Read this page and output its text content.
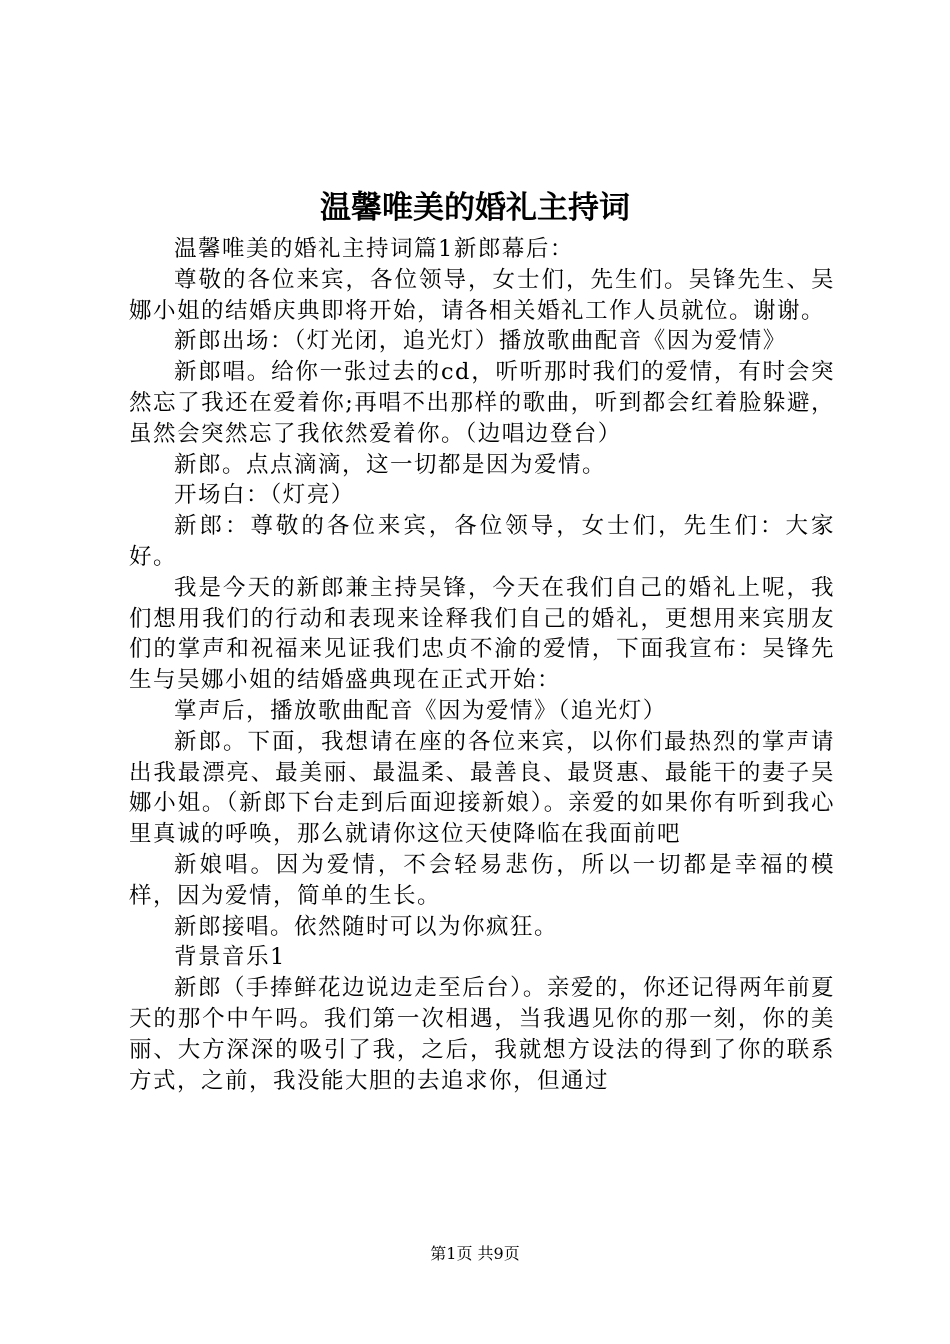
温馨唯美的婚礼主持词

温馨唯美的婚礼主持词篇1新郎幕后：

尊敬的各位来宾，各位领导，女士们，先生们。吴锋先生、吴娜小姐的结婚庆典即将开始，请各相关婚礼工作人员就位。谢谢。

新郎出场：（灯光闭，追光灯）播放歌曲配音《因为爱情》

新郎唱。给你一张过去的cd，听听那时我们的爱情，有时会突然忘了我还在爱着你;再唱不出那样的歌曲，听到都会红着脸躲避，虽然会突然忘了我依然爱着你。（边唱边登台）

新郎。点点滴滴，这一切都是因为爱情。

开场白：（灯亮）

新郎：尊敬的各位来宾，各位领导，女士们，先生们：大家好。

我是今天的新郎兼主持吴锋，今天在我们自己的婚礼上呢，我们想用我们的行动和表现来诠释我们自己的婚礼，更想用来宾朋友们的掌声和祝福来见证我们忠贞不渝的爱情，下面我宣布：吴锋先生与吴娜小姐的结婚盛典现在正式开始：

掌声后，播放歌曲配音《因为爱情》（追光灯）

新郎。下面，我想请在座的各位来宾，以你们最热烈的掌声请出我最漂亮、最美丽、最温柔、最善良、最贤惠、最能干的妻子吴娜小姐。（新郎下台走到后面迎接新娘）。亲爱的如果你有听到我心里真诚的呼唤，那么就请你这位天使降临在我面前吧

新娘唱。因为爱情，不会轻易悲伤，所以一切都是幸福的模样，因为爱情，简单的生长。

新郎接唱。依然随时可以为你疯狂。

背景音乐1

新郎（手捧鲜花边说边走至后台）。亲爱的，你还记得两年前夏天的那个中午吗。我们第一次相遇，当我遇见你的那一刻，你的美丽、大方深深的吸引了我，之后，我就想方设法的得到了你的联系方式，之前，我没能大胆的去追求你，但通过

第1页 共9页
